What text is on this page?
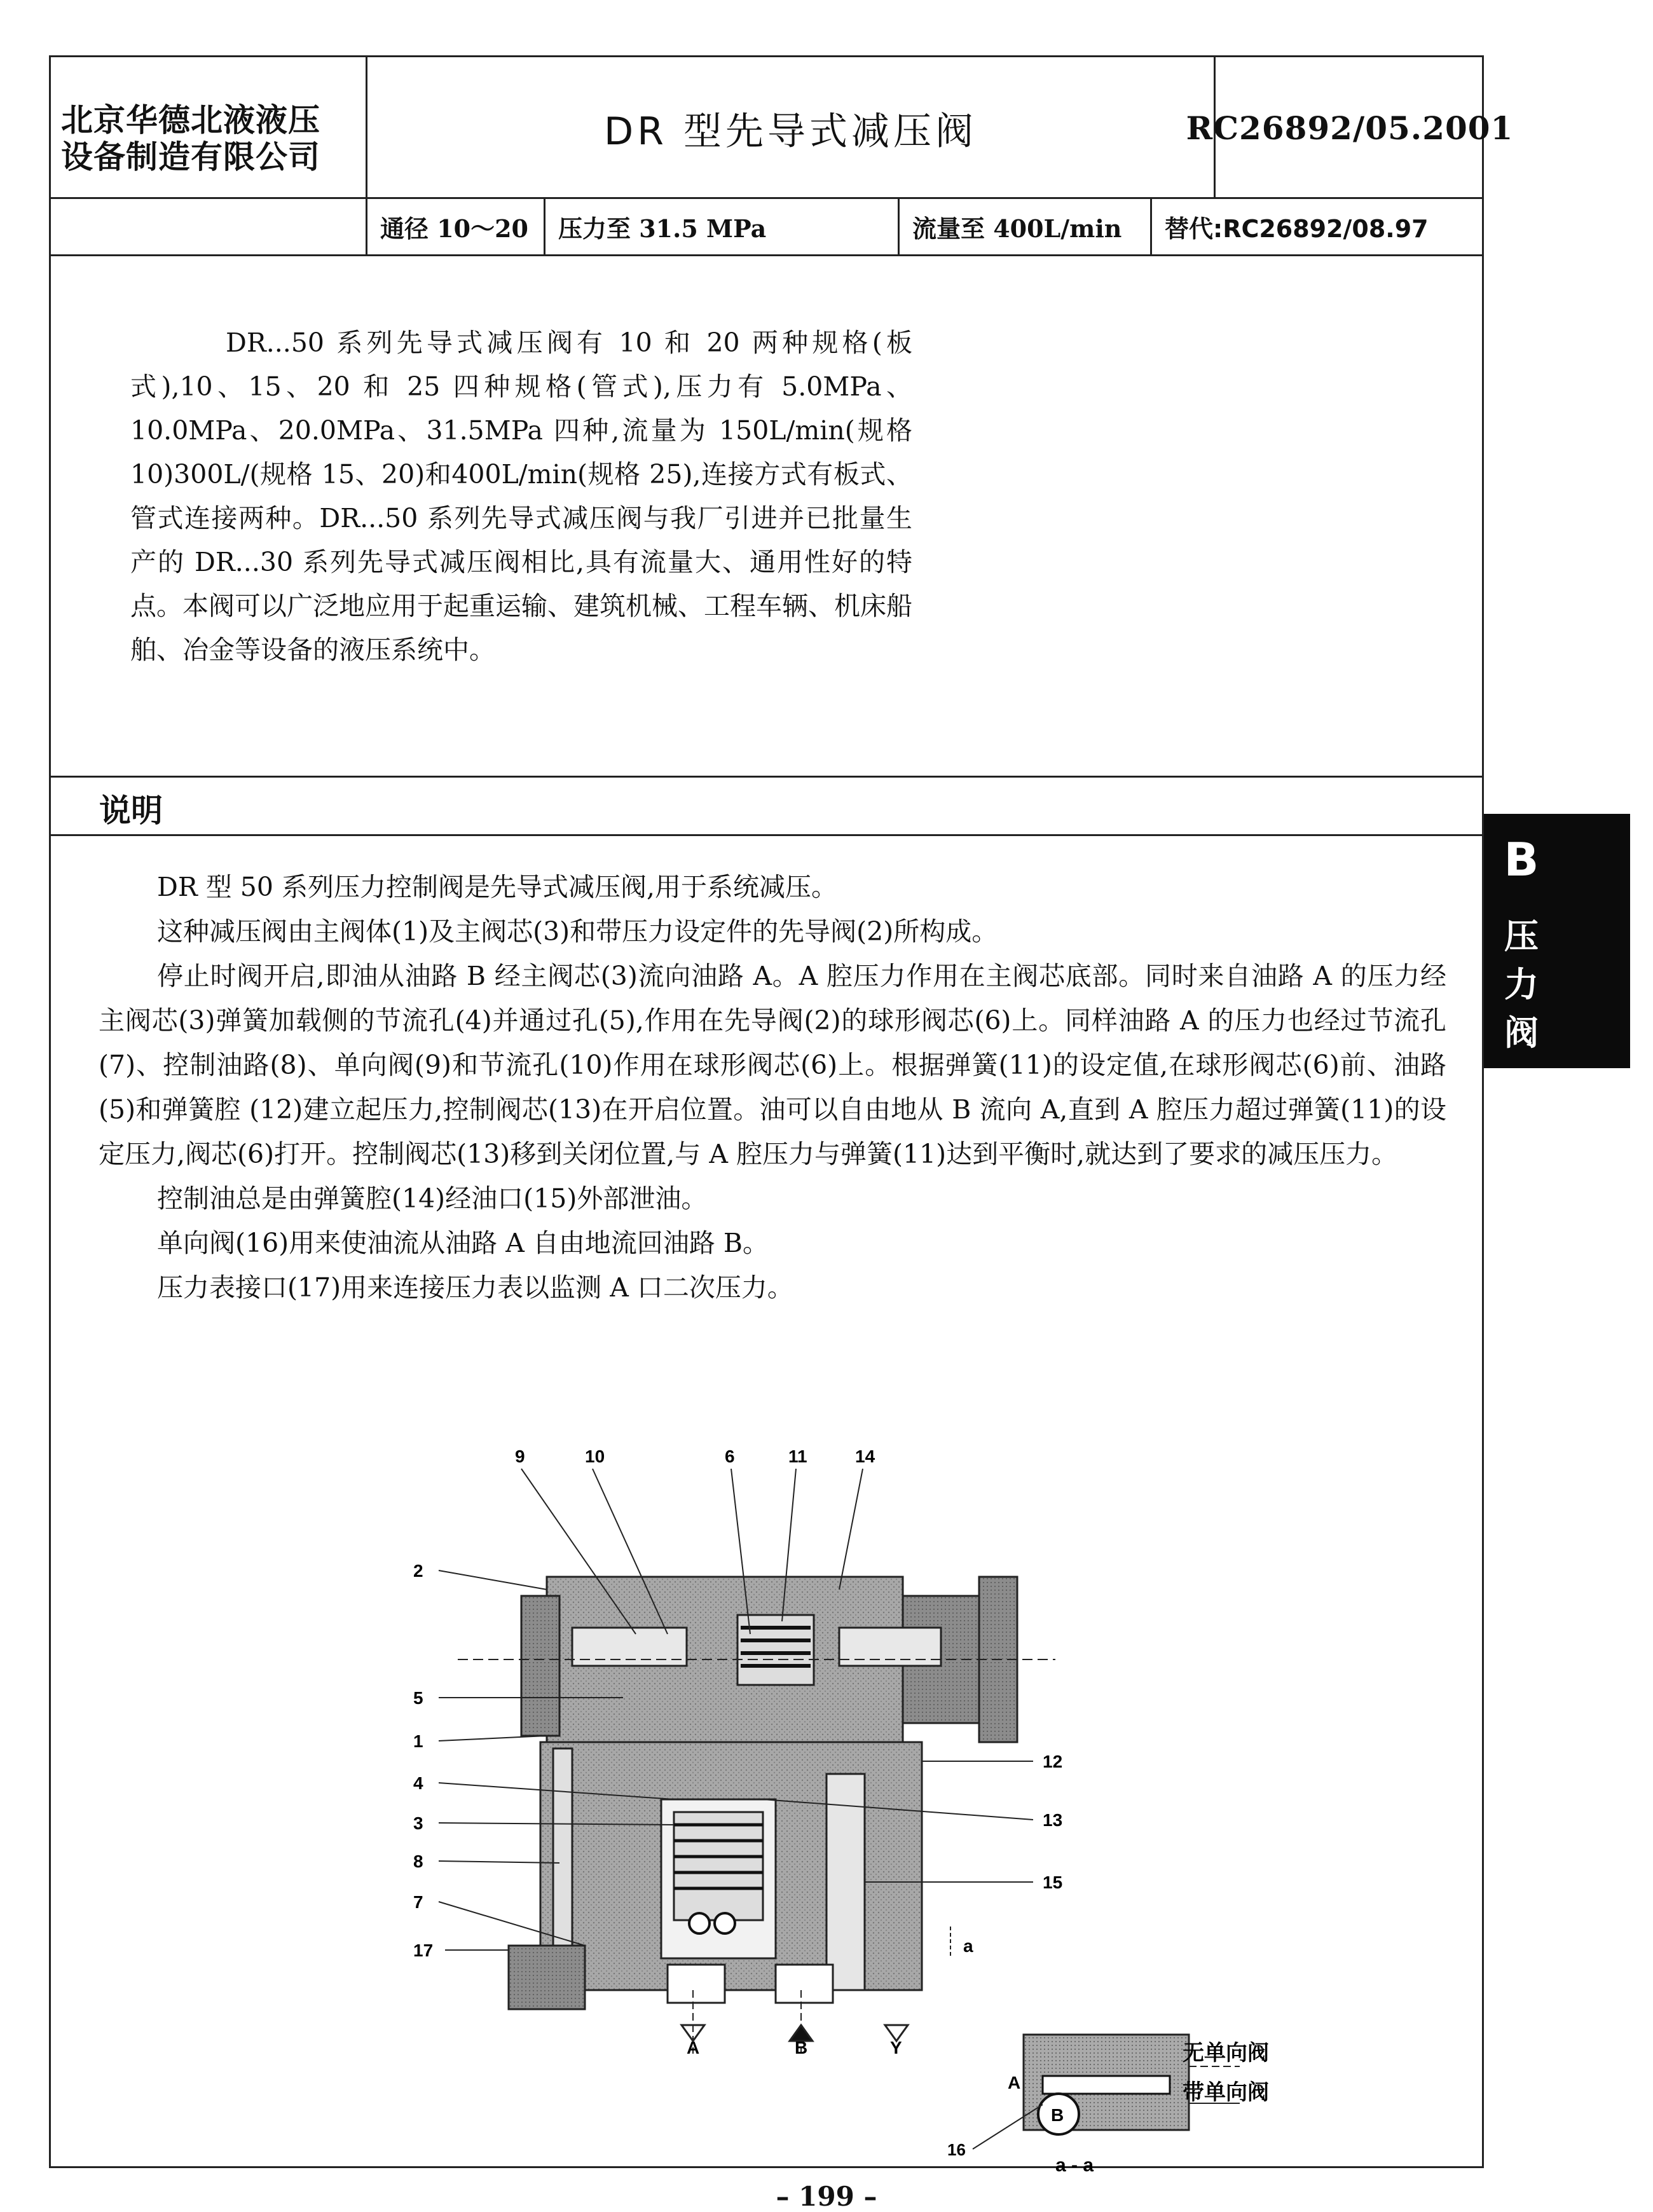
北京华德北液液压
设备制造有限公司
DR 型先导式减压阀	RC26892/05.2001
通径 10～20	压力至 31.5 MPa	流量至 400L/min	替代:RC26892/08.97
DR...50 系列先导式减压阀有 10 和 20 两种规格(板式),10、15、20 和 25 四种规格(管式),压力有 5.0MPa、10.0MPa、20.0MPa、31.5MPa 四种,流量为 150L/min(规格 10)300L/(规格 15、20)和400L/min(规格 25),连接方式有板式、管式连接两种。DR...50 系列先导式减压阀与我厂引进并已批量生产的 DR...30 系列先导式减压阀相比,具有流量大、通用性好的特点。本阀可以广泛地应用于起重运输、建筑机械、工程车辆、机床船舶、冶金等设备的液压系统中。
说明

DR 型 50 系列压力控制阀是先导式减压阀,用于系统减压。

这种减压阀由主阀体(1)及主阀芯(3)和带压力设定件的先导阀(2)所构成。

停止时阀开启,即油从油路 B 经主阀芯(3)流向油路 A。A 腔压力作用在主阀芯底部。同时来自油路 A 的压力经主阀芯(3)弹簧加载侧的节流孔(4)并通过孔(5),作用在先导阀(2)的球形阀芯(6)上。同样油路 A 的压力也经过节流孔(7)、控制油路(8)、单向阀(9)和节流孔(10)作用在球形阀芯(6)上。根据弹簧(11)的设定值,在球形阀芯(6)前、油路(5)和弹簧腔 (12)建立起压力,控制阀芯(13)在开启位置。油可以自由地从 B 流向 A,直到 A 腔压力超过弹簧(11)的设定压力,阀芯(6)打开。控制阀芯(13)移到关闭位置,与 A 腔压力与弹簧(11)达到平衡时,就达到了要求的减压压力。

控制油总是由弹簧腔(14)经油口(15)外部泄油。

单向阀(16)用来使油流从油路 A 自由地流回油路 B。

压力表接口(17)用来连接压力表以监测 A 口二次压力。

9	10	6	11	14
2
5
1
4
3
8
7
17
12
13
15
a
A	B	Y
A
B
16
无单向阀
带单向阀
a - a
B
压
力
阀
– 199 –
